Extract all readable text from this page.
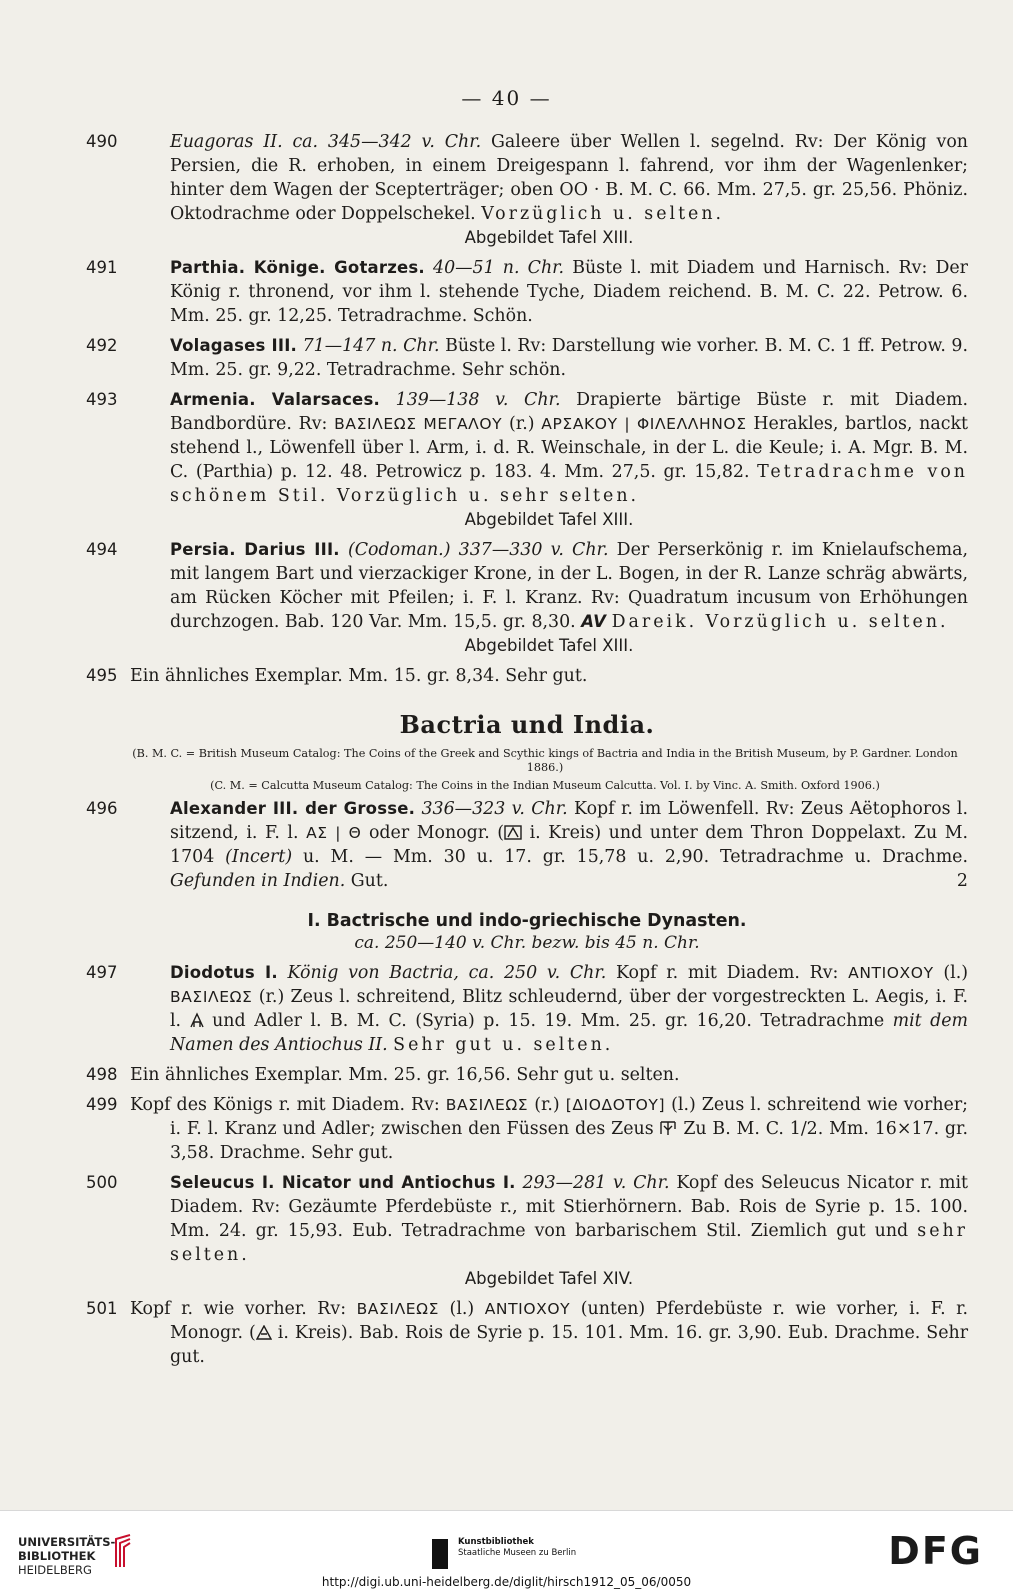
— 40 —
490	Euagoras II. ca. 345—342 v. Chr. Galeere über Wellen l. segelnd. Rv: Der König von Persien, die R. erhoben, in einem Dreigespann l. fahrend, vor ihm der Wagenlenker; hinter dem Wagen der Scepterträger; oben OO · B. M. C. 66. Mm. 27,5. gr. 25,56. Phöniz. Oktodrachme oder Doppelschekel. Vorzüglich u. selten.
Abgebildet Tafel XIII.
491	Parthia. Könige. Gotarzes. 40—51 n. Chr. Büste l. mit Diadem und Harnisch. Rv: Der König r. thronend, vor ihm l. stehende Tyche, Diadem reichend. B. M. C. 22. Petrow. 6. Mm. 25. gr. 12,25. Tetradrachme. Schön.
492	Volagases III. 71—147 n. Chr. Büste l. Rv: Darstellung wie vorher. B. M. C. 1 ff. Petrow. 9. Mm. 25. gr. 9,22. Tetradrachme. Sehr schön.
493	Armenia. Valarsaces. 139—138 v. Chr. Drapierte bärtige Büste r. mit Diadem. Bandbordüre. Rv: ΒΑΣΙΛΕΩΣ ΜΕΓΑΛΟΥ (r.) ΑΡΣΑΚΟΥ | ΦΙΛΕΛΛΗΝΟΣ Herakles, bartlos, nackt stehend l., Löwenfell über l. Arm, i. d. R. Weinschale, in der L. die Keule; i. A. Mgr. B. M. C. (Parthia) p. 12. 48. Petrowicz p. 183. 4. Mm. 27,5. gr. 15,82. Tetradrachme von schönem Stil. Vorzüglich u. sehr selten.
Abgebildet Tafel XIII.
494	Persia. Darius III. (Codoman.) 337—330 v. Chr. Der Perserkönig r. im Knielaufschema, mit langem Bart und vierzackiger Krone, in der L. Bogen, in der R. Lanze schräg abwärts, am Rücken Köcher mit Pfeilen; i. F. l. Kranz. Rv: Quadratum incusum von Erhöhungen durchzogen. Bab. 120 Var. Mm. 15,5. gr. 8,30. AV Dareik. Vorzüglich u. selten.
Abgebildet Tafel XIII.
495 Ein ähnliches Exemplar. Mm. 15. gr. 8,34. Sehr gut.
Bactria und India.
(B. M. C. = British Museum Catalog: The Coins of the Greek and Scythic kings of Bactria and India in the British Museum, by P. Gardner. London 1886.)
(C. M. = Calcutta Museum Catalog: The Coins in the Indian Museum Calcutta. Vol. I. by Vinc. A. Smith. Oxford 1906.)
496	Alexander III. der Grosse. 336—323 v. Chr. Kopf r. im Löwenfell. Rv: Zeus Aëtophoros l. sitzend, i. F. l. ΑΣ | Θ oder Monogr. ( i. Kreis) und unter dem Thron Doppelaxt. Zu M. 1704 (Incert) u. M. — Mm. 30 u. 17. gr. 15,78 u. 2,90. Tetradrachme u. Drachme. Gefunden in Indien. Gut.	2
I. Bactrische und indo-griechische Dynasten.
ca. 250—140 v. Chr. bezw. bis 45 n. Chr.
497	Diodotus I. König von Bactria, ca. 250 v. Chr. Kopf r. mit Diadem. Rv: ΑΝΤΙΟΧΟΥ (l.) ΒΑΣΙΛΕΩΣ (r.) Zeus l. schreitend, Blitz schleudernd, über der vorgestreckten L. Aegis, i. F. l. und Adler l. B. M. C. (Syria) p. 15. 19. Mm. 25. gr. 16,20. Tetradrachme mit dem Namen des Antiochus II. Sehr gut u. selten.
498 Ein ähnliches Exemplar. Mm. 25. gr. 16,56. Sehr gut u. selten.
499 Kopf des Königs r. mit Diadem. Rv: ΒΑΣΙΛΕΩΣ (r.) [ΔΙΟΔΟΤΟΥ] (l.) Zeus l. schreitend wie vorher; i. F. l. Kranz und Adler; zwischen den Füssen des Zeus Zu B. M. C. 1/2. Mm. 16×17. gr. 3,58. Drachme. Sehr gut.
500	Seleucus I. Nicator und Antiochus I. 293—281 v. Chr. Kopf des Seleucus Nicator r. mit Diadem. Rv: Gezäumte Pferdebüste r., mit Stierhörnern. Bab. Rois de Syrie p. 15. 100. Mm. 24. gr. 15,93. Eub. Tetradrachme von barbarischem Stil. Ziemlich gut und sehr selten.
Abgebildet Tafel XIV.
501 Kopf r. wie vorher. Rv: ΒΑΣΙΛΕΩΣ (l.) ΑΝΤΙΟΧΟΥ (unten) Pferdebüste r. wie vorher, i. F. r. Monogr. ( i. Kreis). Bab. Rois de Syrie p. 15. 101. Mm. 16. gr. 3,90. Eub. Drachme. Sehr gut.
UNIVERSITÄTS-
BIBLIOTHEK
HEIDELBERG
Kunstbibliothek
Staatliche Museen zu Berlin	DFG
http://digi.ub.uni-heidelberg.de/diglit/hirsch1912_05_06/0050
